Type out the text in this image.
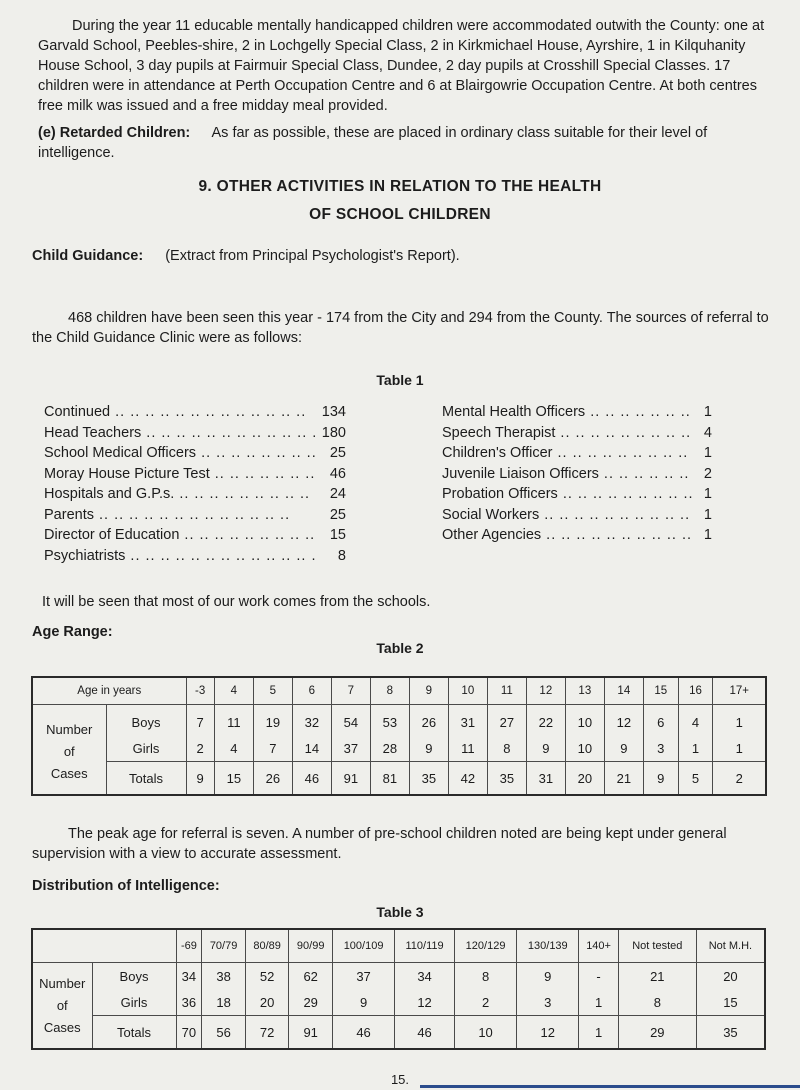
During the year 11 educable mentally handicapped children were accommodated outwith the County: one at Garvald School, Peebles-shire, 2 in Lochgelly Special Class, 2 in Kirkmichael House, Ayrshire, 1 in Kilquhanity House School, 3 day pupils at Fairmuir Special Class, Dundee, 2 day pupils at Crosshill Special Classes. 17 children were in attendance at Perth Occupation Centre and 6 at Blairgowrie Occupation Centre. At both centres free milk was issued and a free midday meal provided.

(e) Retarded Children: As far as possible, these are placed in ordinary class suitable for their level of intelligence.

9. OTHER ACTIVITIES IN RELATION TO THE HEALTH
OF SCHOOL CHILDREN

Child Guidance: (Extract from Principal Psychologist's Report).

468 children have been seen this year - 174 from the City and 294 from the County. The sources of referral to the Child Guidance Clinic were as follows:

Table 1
Continued .. ..	134
Head Teachers .. ..	180
School Medical Officers .. ..	25
Moray House Picture Test .. ..	46
Hospitals and G.P.s. .. ..	24
Parents .. ..	25
Director of Education .. ..	15
Psychiatrists .. ..	8
Mental Health Officers .. ..	1
Speech Therapist .. ..	4
Children's Officer .. ..	1
Juvenile Liaison Officers .. ..	2
Probation Officers .. ..	1
Social Workers .. ..	1
Other Agencies .. ..	1

It will be seen that most of our work comes from the schools.

Age Range:

Table 2
Age in years		-3	4	5	6	7	8	9	10	11	12	13	14	15	16	17+

Number
of
Cases	Boys	7	11	19	32	54	53	26	31	27	22	10	12	6	4	1
	Girls	2	4	7	14	37	28	9	11	8	9	10	9	3	1	1
	Totals	9	15	26	46	91	81	35	42	35	31	20	21	9	5	2

The peak age for referral is seven. A number of pre-school children noted are being kept under general supervision with a view to accurate assessment.

Distribution of Intelligence:

Table 3
		-69	70/79	80/89	90/99	100/109	110/119	120/129	130/139	140+	Not tested	Not M.H.

Number
of
Cases	Boys	34	38	52	62	37	34	8	9	-	21	20
	Girls	36	18	20	29	9	12	2	3	1	8	15
	Totals	70	56	72	91	46	46	10	12	1	29	35
15.
